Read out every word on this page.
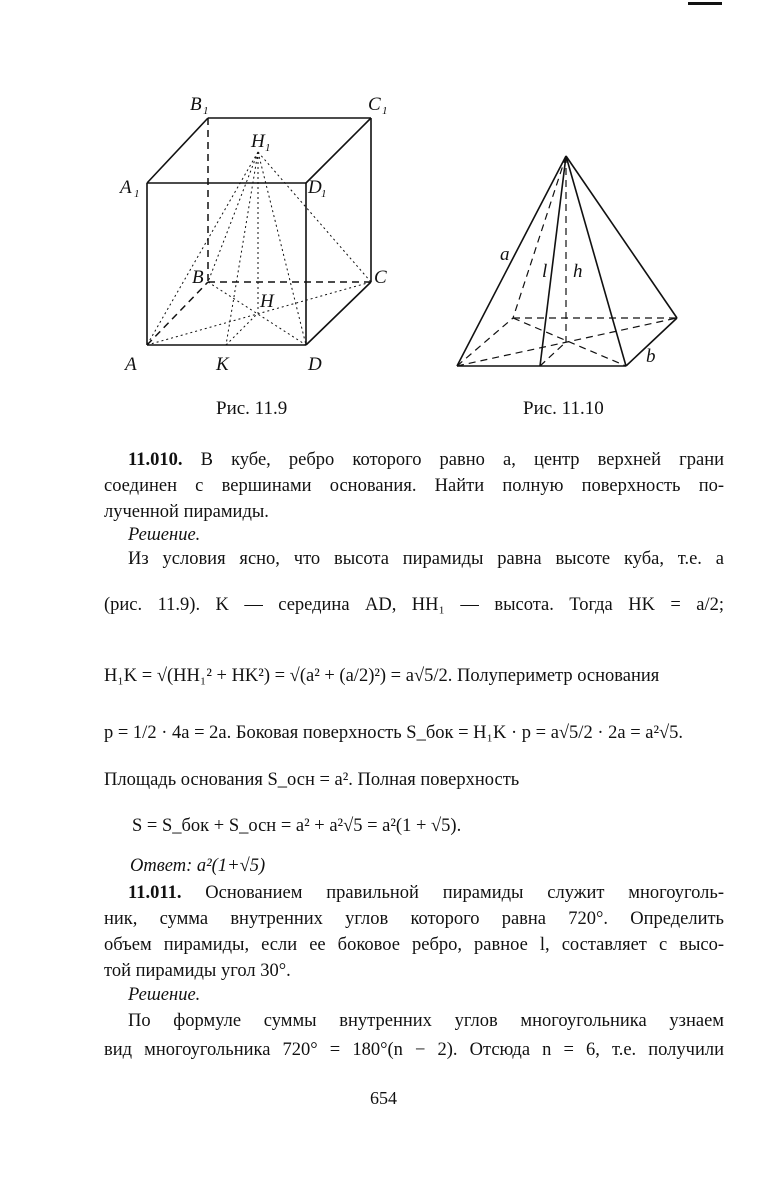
B 1	C 1
H 1
A 1	D 1
B	C
H
A	K	D
a
l h
b
Рис. 11.9	Рис. 11.10
11.010. В кубе, ребро которого равно a, центр верхней грани
соединен с вершинами основания. Найти полную поверхность по-
лученной пирамиды.
Решение.
Из условия ясно, что высота пирамиды равна высоте куба, т.е. a
(рис. 11.9). K — середина AD, HH₁ — высота. Тогда HK = a/2;
H₁K = √(HH₁² + HK²) = √(a² + (a/2)²) = a√5/2. Полупериметр основания
p = 1/2 · 4a = 2a. Боковая поверхность S_бок = H₁K · p = a√5/2 · 2a = a²√5.
Площадь основания S_осн = a². Полная поверхность
S = S_бок + S_осн = a² + a²√5 = a²(1 + √5).
Ответ: a²(1+√5)
11.011. Основанием правильной пирамиды служит многоуголь-
ник, сумма внутренних углов которого равна 720°. Определить
объем пирамиды, если ее боковое ребро, равное l, составляет с высо-
той пирамиды угол 30°.
Решение.
По формуле суммы внутренних углов многоугольника узнаем
вид многоугольника 720° = 180°(n − 2). Отсюда n = 6, т.е. получили
654
